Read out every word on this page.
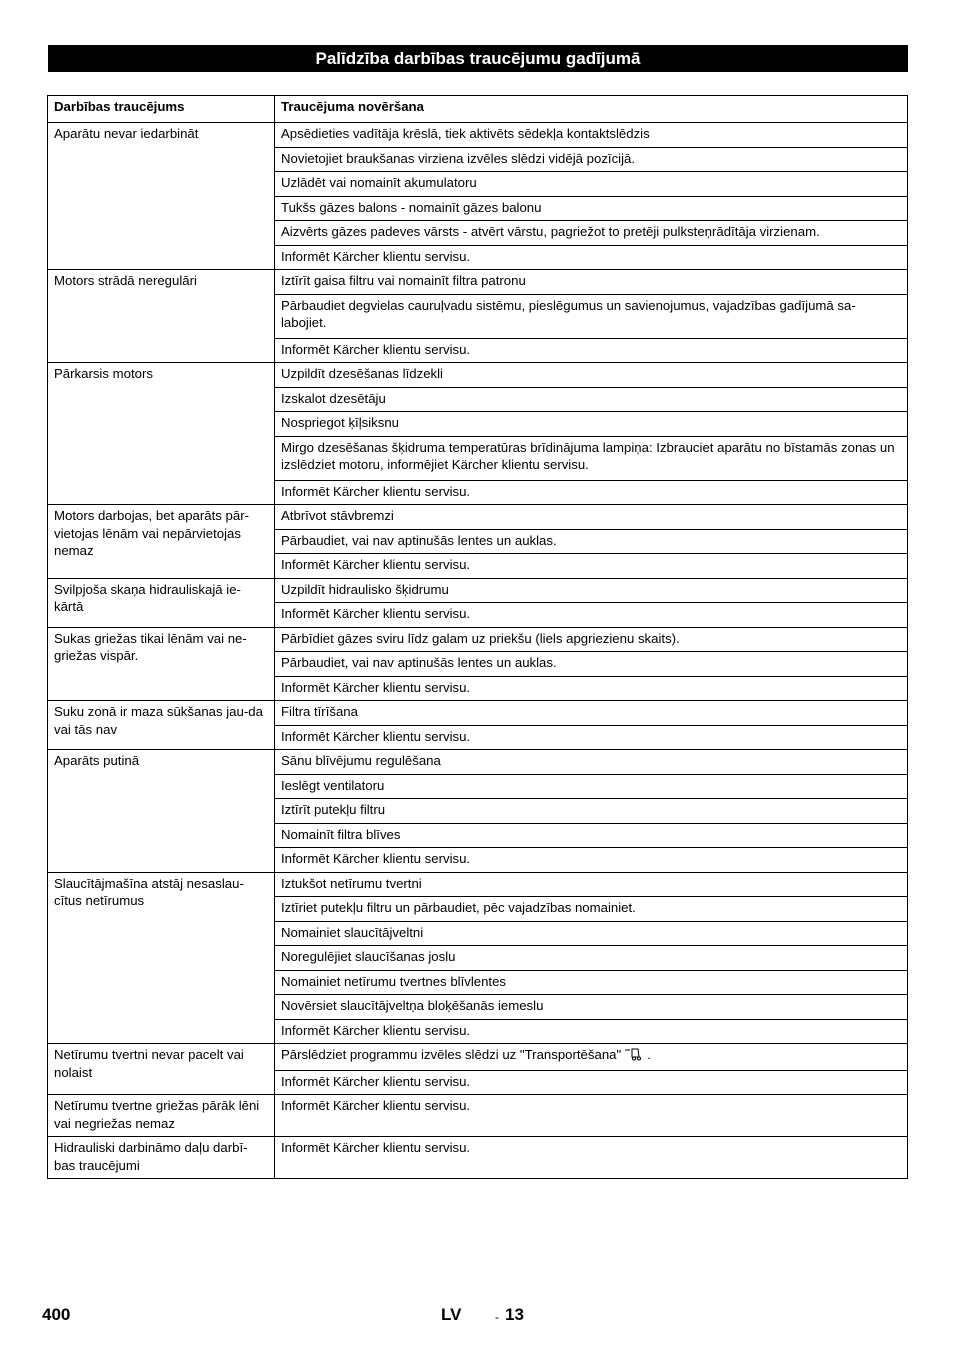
Palīdzība darbības traucējumu gadījumā
Darbības traucējums	Traucējuma novēršana
Aparātu nevar iedarbināt	Apsēdieties vadītāja krēslā, tiek aktivēts sēdekļa kontaktslēdzis
	Novietojiet braukšanas virziena izvēles slēdzi vidējā pozīcijā.
	Uzlādēt vai nomainīt akumulatoru
	Tukšs gāzes balons - nomainīt gāzes balonu
	Aizvērts gāzes padeves vārsts - atvērt vārstu, pagriežot to pretēji pulksteņrādītāja virzienam.
	Informēt Kärcher klientu servisu.
Motors strādā neregulāri	Iztīrīt gaisa filtru vai nomainīt filtra patronu
	Pārbaudiet degvielas cauruļvadu sistēmu, pieslēgumus un savienojumus, vajadzības gadījumā sa-labojiet.
	Informēt Kärcher klientu servisu.
Pārkarsis motors	Uzpildīt dzesēšanas līdzekli
	Izskalot dzesētāju
	Nospriegot ķīļsiksnu
	Mirgo dzesēšanas šķidruma temperatūras brīdinājuma lampiņa: Izbrauciet aparātu no bīstamās zonas un izslēdziet motoru, informējiet Kärcher klientu servisu.
	Informēt Kärcher klientu servisu.
Motors darbojas, bet aparāts pār-vietojas lēnām vai nepārvietojas nemaz	Atbrīvot stāvbremzi
	Pārbaudiet, vai nav aptinušās lentes un auklas.
	Informēt Kärcher klientu servisu.
Svilpjoša skaņa hidrauliskajā ie-kārtā	Uzpildīt hidraulisko šķidrumu
	Informēt Kärcher klientu servisu.
Sukas griežas tikai lēnām vai ne-griežas vispār.	Pārbīdiet gāzes sviru līdz galam uz priekšu (liels apgriezienu skaits).
	Pārbaudiet, vai nav aptinušās lentes un auklas.
	Informēt Kärcher klientu servisu.
Suku zonā ir maza sūkšanas jau-da vai tās nav	Filtra tīrīšana
	Informēt Kärcher klientu servisu.
Aparāts putinā	Sānu blīvējumu regulēšana
	Ieslēgt ventilatoru
	Iztīrīt putekļu filtru
	Nomainīt filtra blīves
	Informēt Kärcher klientu servisu.
Slaucītājmašīna atstāj nesaslau-cītus netīrumus	Iztukšot netīrumu tvertni
	Iztīriet putekļu filtru un pārbaudiet, pēc vajadzības nomainiet.
	Nomainiet slaucītājveltni
	Noregulējiet slaucīšanas joslu
	Nomainiet netīrumu tvertnes blīvlentes
	Novērsiet slaucītājveltņa bloķēšanās iemeslu
	Informēt Kärcher klientu servisu.
Netīrumu tvertni nevar pacelt vai nolaist	Pārslēdziet programmu izvēles slēdzi uz "Transportēšana" .
	Informēt Kärcher klientu servisu.
Netīrumu tvertne griežas pārāk lēni vai negriežas nemaz	Informēt Kärcher klientu servisu.
Hidrauliski darbināmo daļu darbī-bas traucējumi	Informēt Kärcher klientu servisu.
400	LV	- 13
